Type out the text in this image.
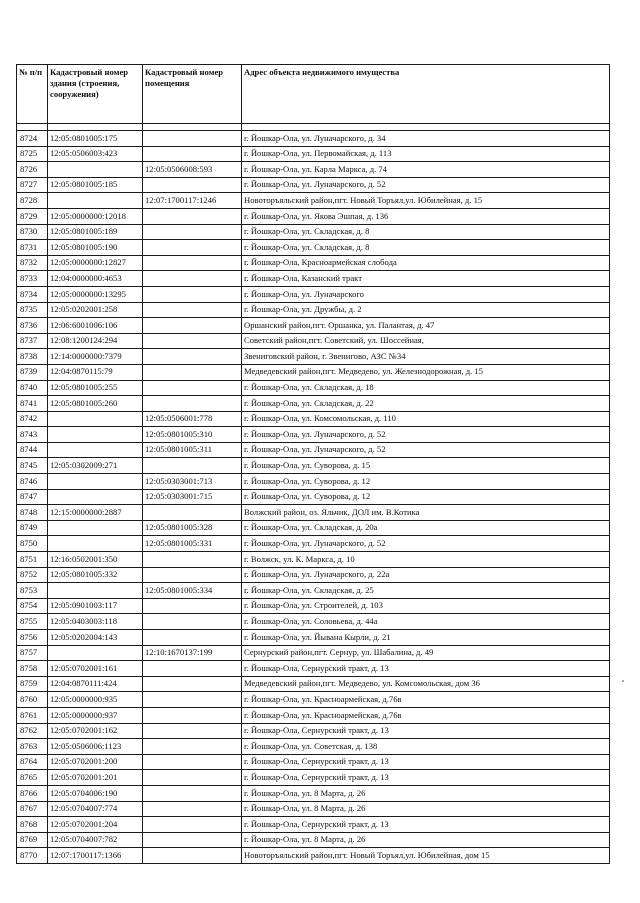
№ п/п	Кадастровый номер здания (строения, сооружения)	Кадастровый номер помещения	Адрес объекта недвижимого имущества

8724	12:05:0801005:175		г. Йошкар-Ола, ул. Луначарского, д. 34
8725	12:05:0506003:423		г. Йошкар-Ола, ул. Первомайская, д. 113
8726		12:05:0506008:593	г. Йошкар-Ола, ул. Карла Маркса, д. 74
8727	12:05:0801005:185		г. Йошкар-Ола, ул. Луначарского, д. 52
8728		12:07:1700117:1246	Новоторъяльский район,пгт. Новый Торъял,ул. Юбилейная, д. 15
8729	12:05:0000000:12018		г. Йошкар-Ола, ул. Якова Эшпая, д. 136
8730	12:05:0801005:189		г. Йошкар-Ола, ул. Складская, д. 8
8731	12:05:0801005:190		г. Йошкар-Ола, ул. Складская, д. 8
8732	12:05:0000000:12827		г. Йошкар-Ола, Красноармейская слобода
8733	12:04:0000000:4653		г. Йошкар-Ола, Казанский тракт
8734	12:05:0000000:13295		г. Йошкар-Ола, ул. Луначарского
8735	12:05:0202001:258		г. Йошкар-Ола, ул. Дружбы, д. 2
8736	12:06:6001006:106		Оршанский район,пгт. Оршанка, ул. Палантая, д. 47
8737	12:08:1200124:294		Советский район,пгт. Советский, ул. Шоссейная,
8738	12:14:0000000:7379		Звениговский район, г. Звенигово, АЗС №34
8739	12:04:0870115:79		Медведевский район,пгт. Медведево, ул. Железнодорожная, д. 15
8740	12:05:0801005:255		г. Йошкар-Ола, ул. Складская, д. 18
8741	12:05:0801005:260		г. Йошкар-Ола, ул. Складская, д. 22
8742		12:05:0506001:778	г. Йошкар-Ола, ул. Комсомольская, д. 110
8743		12:05:0801005:310	г. Йошкар-Ола, ул. Луначарского, д. 52
8744		12:05:0801005:311	г. Йошкар-Ола, ул. Луначарского, д. 52
8745	12:05:0302009:271		г. Йошкар-Ола, ул. Суворова, д. 15
8746		12:05:0303001:713	г. Йошкар-Ола, ул. Суворова, д. 12
8747		12:05:0303001:715	г. Йошкар-Ола, ул. Суворова, д. 12
8748	12:15:0000000:2887		Волжский район, оз. Яльчик, ДОЛ им. В.Котика
8749		12:05:0801005:328	г. Йошкар-Ола, ул. Складская, д. 20а
8750		12:05:0801005:331	г. Йошкар-Ола, ул. Луначарского, д. 52
8751	12:16:0502001:350		г. Волжск, ул. К. Маркса, д. 10
8752	12:05:0801005:332		г. Йошкар-Ола, ул. Луначарского, д. 22а
8753		12:05:0801005:334	г. Йошкар-Ола, ул. Складская, д. 25
8754	12:05:0901003:117		г. Йошкар-Ола, ул. Строителей, д. 103
8755	12:05:0403003:118		г. Йошкар-Ола, ул. Соловьева, д. 44а
8756	12:05:0202004:143		г. Йошкар-Ола, ул. Йывана Кырли, д. 21
8757		12:10:1670137:199	Сернурский район,пгт. Сернур, ул. Шабалина, д. 49
8758	12:05:0702001:161		г. Йошкар-Ола, Сернурский тракт, д. 13
8759	12:04:0870111:424		Медведевский район,пгт. Медведево, ул. Комсомольская, дом 36
8760	12:05:0000000:935		г. Йошкар-Ола, ул. Красноармейская, д.76в
8761	12:05:0000000:937		г. Йошкар-Ола, ул. Красноармейская, д.76в
8762	12:05:0702001:162		г. Йошкар-Ола, Сернурский тракт, д. 13
8763	12:05:0506006:1123		г. Йошкар-Ола, ул. Советская, д. 138
8764	12:05:0702001:200		г. Йошкар-Ола, Сернурский тракт, д. 13
8765	12:05:0702001:201		г. Йошкар-Ола, Сернурский тракт, д. 13
8766	12:05:0704006:190		г. Йошкар-Ола, ул. 8 Марта, д. 26
8767	12:05:0704007:774		г. Йошкар-Ола, ул. 8 Марта, д. 26
8768	12:05:0702001:204		г. Йошкар-Ола, Сернурский тракт, д. 13
8769	12:05:0704007:782		г. Йошкар-Ола, ул. 8 Марта, д. 26
8770	12:07:1700117:1366		Новоторъяльский район,пгт. Новый Торъял,ул. Юбилейная, дом 15
